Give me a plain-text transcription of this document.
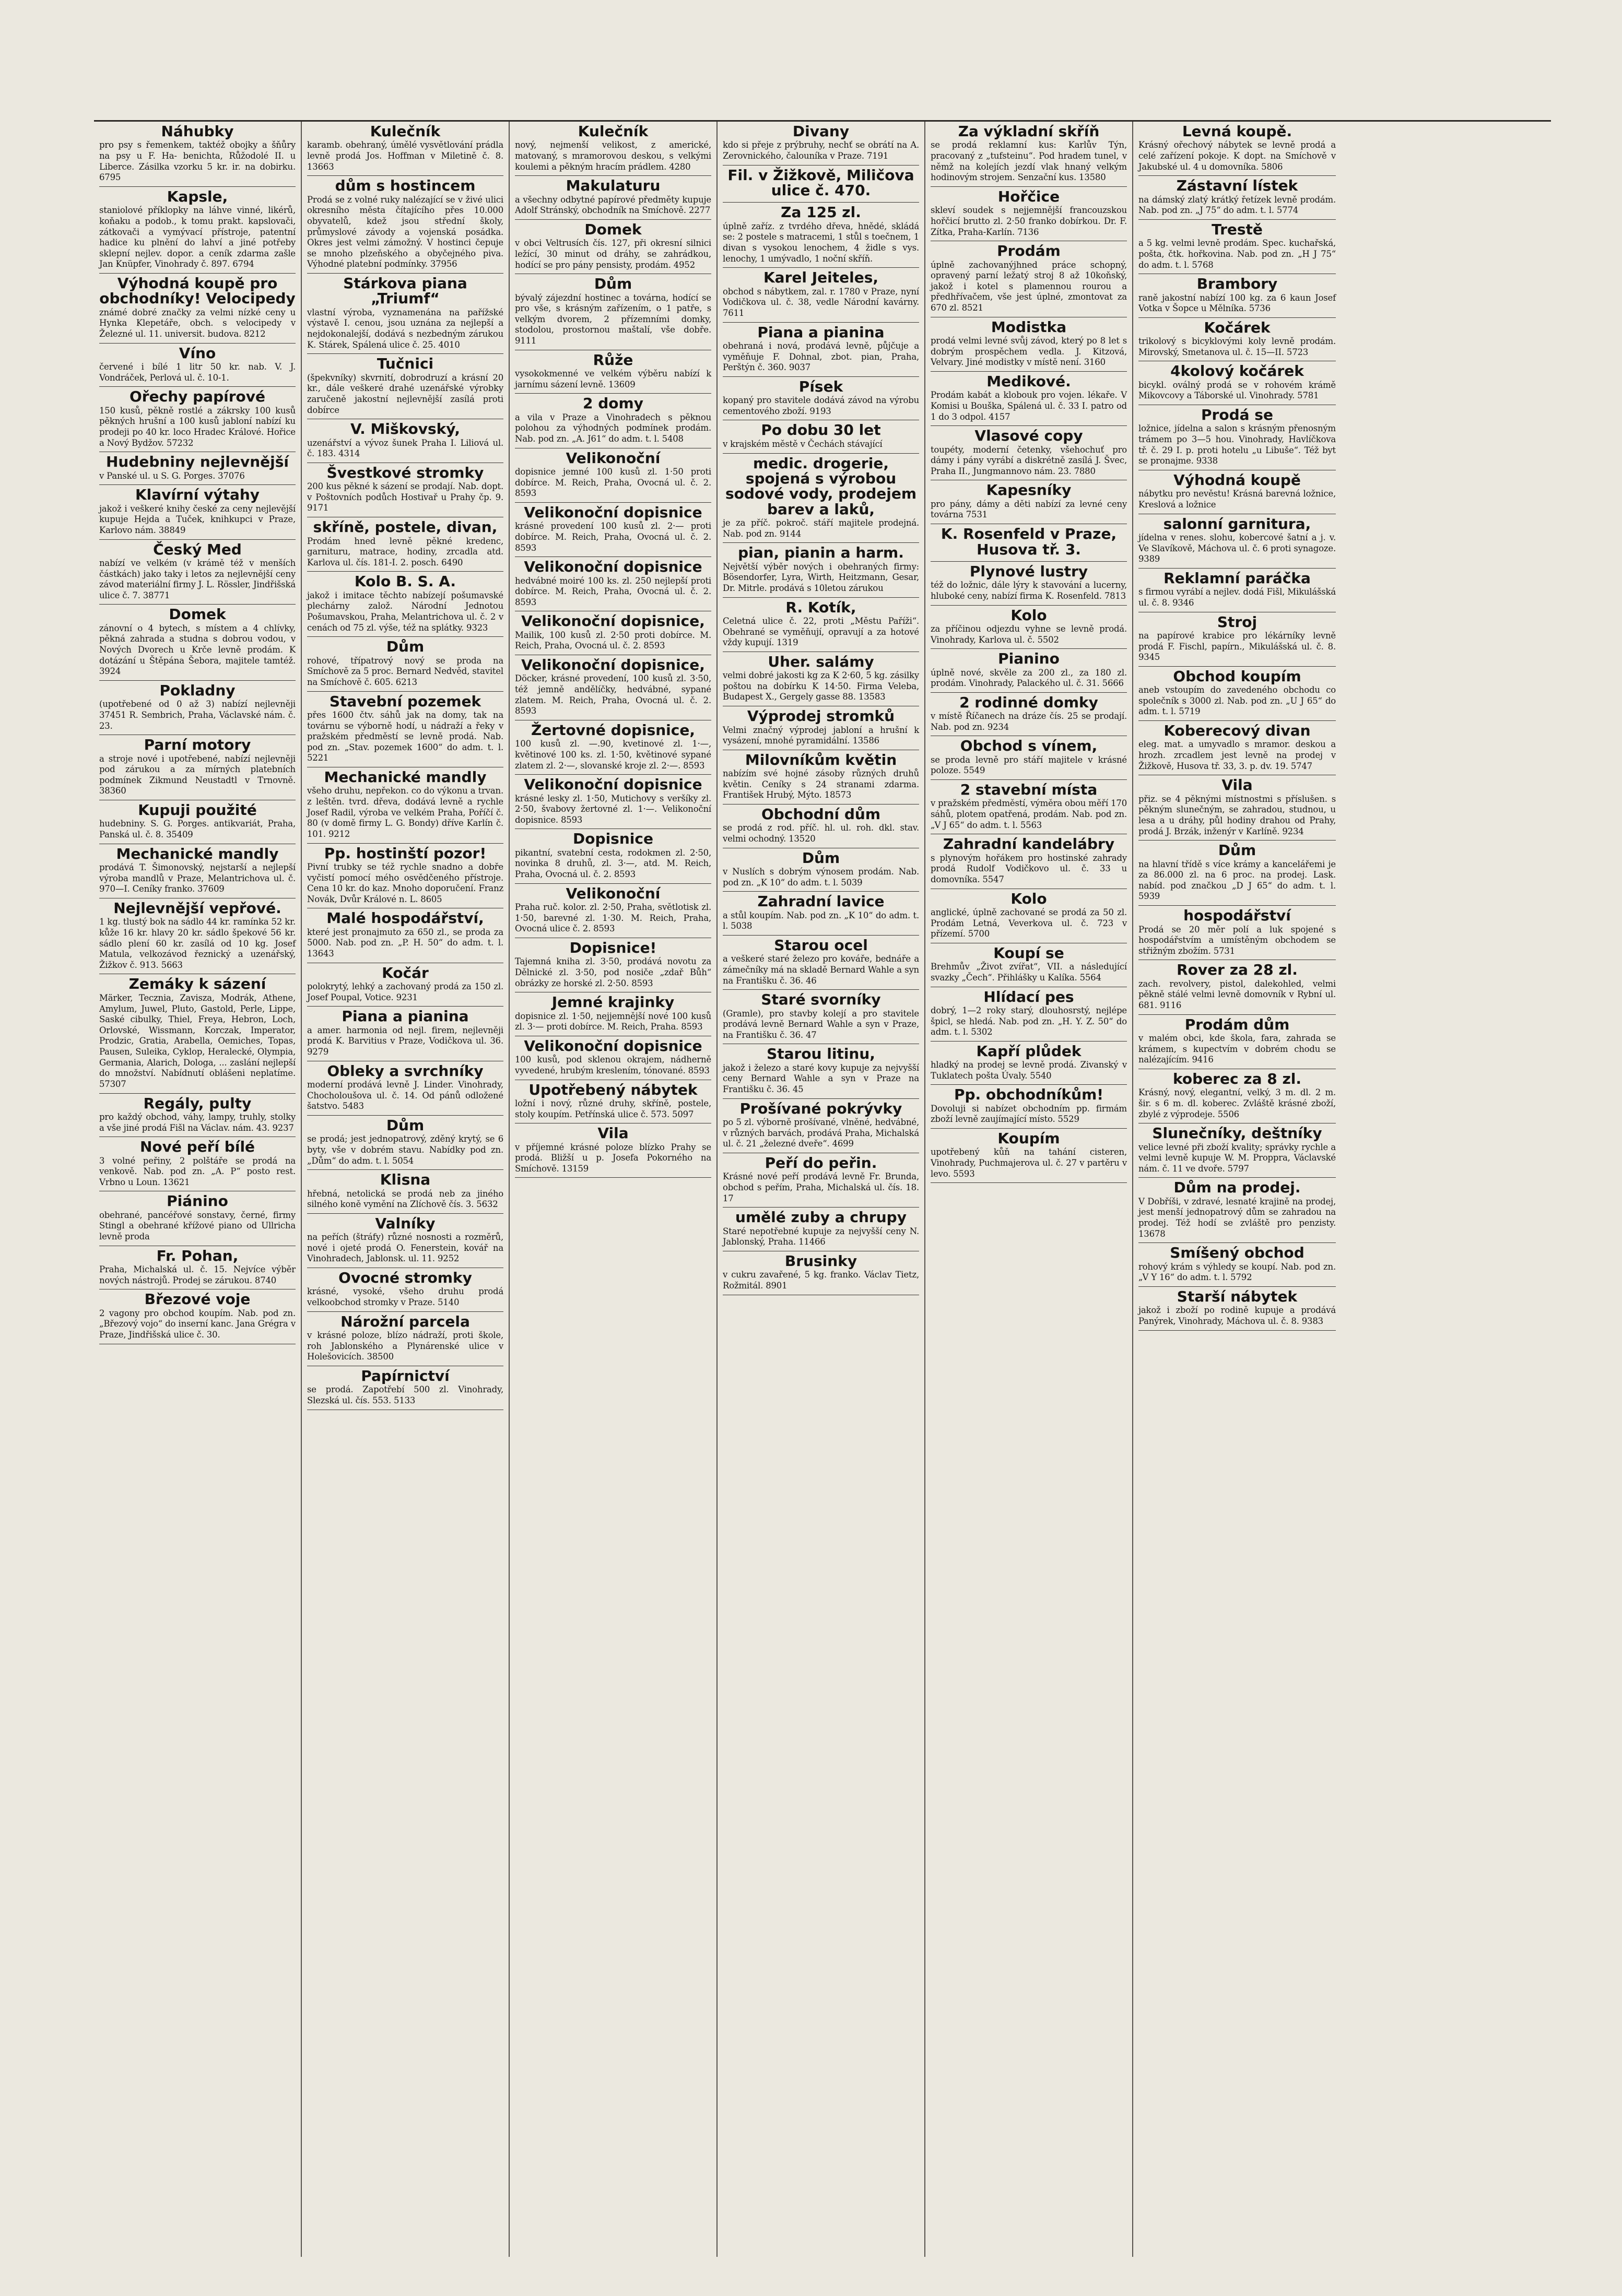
Náhubky

pro psy s řemenkem, taktéž obojky a šňůry na psy u F. Ha- benichta, Růžodolé II. u Liberce. Zásilka vzorku 5 kr. ir. na dobirku. 6795

Kapsle,

staniolové příklopky na láhve vinné, likérů, koňaku a podob., k tomu prakt. kapslovači, zátkovači a vymývací přístroje, patentní hadice ku plnění do lahví a jiné potřeby sklepní nejlev. dopor. a ceník zdarma zašle Jan Knüpfer, Vinohrady č. 897. 6794

Výhodná koupě pro obchodníky! Velocipedy

známé dobré značky za velmi nízké ceny u Hynka Klepetáře, obch. s velocipedy v Železné ul. 11. universit. budova. 8212

Víno

červené i bílé 1 litr 50 kr. nab. V. J. Vondráček, Perlová ul. č. 10-1.

Ořechy papírové

150 kusů, pěkně rostlé a zákrsky 100 kusů pěkných hrušní a 100 kusů jabloní nabízí ku prodeji po 40 kr. loco Hradec Králové. Hořice a Nový Bydžov. 57232

Hudebniny nejlevnější

v Panské ul. u S. G. Porges. 37076

Klavírní výtahy

jakož i veškeré knihy české za ceny nejlevější kupuje Hejda a Tuček, knihkupci v Praze, Karlovo nám. 38849

Český Med

nabízí ve velkém (v krámě též v menších částkách) jako taky i letos za nejlevnější ceny závod materiální firmy J. L. Rössler, Jindřišská ulice č. 7. 38771

Domek

zánovní o 4 bytech, s místem a 4 chlívky, pěkná zahrada a studna s dobrou vodou, v Nových Dvorech u Krče levně prodám. K dotázání u Štěpána Šebora, majitele tamtéž. 3924

Pokladny

(upotřebené od 0 až 3) nabízí nejlevněji 37451 R. Sembrich, Praha, Václavské nám. č. 23.

Parní motory

a stroje nové i upotřebené, nabízí nejlevněji pod zárukou a za mírných platebních podmínek Zikmund Neustadtl v Trnovně. 38360

Kupuji použité

hudebniny. S. G. Porges. antikvariát, Praha, Panská ul. č. 8. 35409

Mechanické mandly

prodává T. Šimonovský, nejstarší a nejlepší výroba mandlů v Praze, Melantrichova ul. č. 970—I. Ceníky franko. 37609

Nejlevnější vepřové.

1 kg. tlustý bok na sádlo 44 kr. ramínka 52 kr. kůže 16 kr. hlavy 20 kr. sádlo špekové 56 kr. sádlo plení 60 kr. zasílá od 10 kg. Josef Matula, velkozávod řeznický a uzenářský, Žižkov č. 913. 5663

Zemáky k sázení

Märker, Tecznia, Zavisza, Modrák, Athene, Amylum, Juwel, Pluto, Gastold, Perle, Lippe, Saské cibulky, Thiel, Freya, Hebron, Loch, Orlovské, Wissmann, Korczak, Imperator, Prodzic, Gratia, Arabella, Oemiches, Topas, Pausen, Suleika, Cyklop, Heralecké, Olympia, Germania, Alarich, Dologa, ... zaslání nejlepší do množství. Nabídnutí oblášeni neplatíme. 57307

Regály, pulty

pro každý obchod, váhy, lampy, truhly, stolky a vše jiné prodá Fišl na Václav. nám. 43. 9237

Nové peří bílé

3 volné peřiny, 2 polštáře se prodá na venkově. Nab. pod zn. „A. P“ posto rest. Vrbno u Loun. 13621

Piánino

obehrané, pancéřové sonstavy, černé, firmy Stingl a obehrané křížové piano od Ullricha levně proda

Fr. Pohan,

Praha, Michalská ul. č. 15. Nejvíce výběr nových nástrojů. Prodej se zárukou. 8740

Březové voje

2 vagony pro obchod koupím. Nab. pod zn. „Březový vojo“ do inserní kanc. Jana Grégra v Praze, Jindřišská ulice č. 30.

Kulečník

karamb. obehraný, úmělé vysvětlování prádla levně prodá Jos. Hoffman v Miletině č. 8. 13663

dům s hostincem

Prodá se z volné ruky nalézající se v živé ulici okresního města čítajícího přes 10.000 obyvatelů, kdež jsou střední školy, průmyslové závody a vojenská posádka. Okres jest velmi zámožný. V hostinci čepuje se mnoho plzeňského a obyčejného piva. Výhodné platební podmínky. 37956

Stárkova piana „Triumf“

vlastní výroba, vyznamenána na pařížské výstavě I. cenou, jsou uznána za nejlepší a nejdokonalejší, dodává s nezbedným zárukou K. Stárek, Spálená ulice č. 25. 4010

Tučnici

(špekvníky) skvrnití, dobrodruzí a krásní 20 kr., dále veškeré drahé uzenářské výrobky zaručeně jakostní nejlevnější zasílá proti dobírce

V. Miškovský,

uzenářství a vývoz šunek Praha I. Liliová ul. č. 183. 4314

Švestkové stromky

200 kus pěkné k sázení se prodají. Nab. dopt. v Poštovních podůch Hostivař u Prahy čp. 9. 9171

skříně, postele, divan,

Prodám hned levně pěkné kredenc, garnituru, matrace, hodiny, zrcadla atd. Karlova ul. čís. 181-I. 2. posch. 6490

Kolo B. S. A.

jakož i imitace těchto nabízejí pošumavské plechárny založ. Národní Jednotou Pošumavskou, Praha, Melantrichova ul. č. 2 v cenách od 75 zl. výše, též na splátky. 9323

Dům

rohové, třípatrový nový se proda na Smíchově za 5 proc. Bernard Nedvěd, stavitel na Smíchově č. 605. 6213

Stavební pozemek

přes 1600 čtv. sáhů jak na domy, tak na továrnu se výborně hodí, u nádraží a řeky v pražském předměstí se levně prodá. Nab. pod zn. „Stav. pozemek 1600“ do adm. t. l. 5221

Mechanické mandly

všeho druhu, nepřekon. co do výkonu a trvan. z leštěn. tvrd. dřeva, dodává levně a rychle Josef Radil, výroba ve velkém Praha, Poříčí č. 80 (v domě firmy L. G. Bondy) dříve Karlín č. 101. 9212

Pp. hostinští pozor!

Pivní trubky se též rychle snadno a dobře vyčistí pomocí mého osvědčeného přístroje. Cena 10 kr. do kaz. Mnoho doporučení. Franz Novák, Dvůr Králové n. L. 8605

Malé hospodářství,

které jest pronajmuto za 650 zl., se proda za 5000. Nab. pod zn. „P. H. 50“ do adm. t. l. 13643

Kočár

polokrytý, lehký a zachovaný prodá za 150 zl. Josef Poupal, Votice. 9231

Piana a pianina

a amer. harmonia od nejl. firem, nejlevněji prodá K. Barvitius v Praze, Vodičkova ul. 36. 9279

Obleky a svrchníky

moderní prodává levně J. Linder. Vinohrady, Chocholoušova ul. č. 14. Od pánů odložené šatstvo. 5483

Dům

se prodá; jest jednopatrový, zděný krytý, se 6 byty, vše v dobrém stavu. Nabídky pod zn. „Dům“ do adm. t. l. 5054

Klisna

hřebná, netolická se prodá neb za jiného silného koně vymění na Zlíchově čís. 3. 5632

Valníky

na peřích (štráfy) různé nosnosti a rozměrů, nové i ojeté prodá O. Fenerstein, kovář na Vinohradech, Jablonsk. ul. 11. 9252

Ovocné stromky

krásné, vysoké, všeho druhu prodá velkoobchod stromky v Praze. 5140

Nárožní parcela

v krásné poloze, blízo nádraží, proti škole, roh Jablonského a Plynárenské ulice v Holešovicích. 38500

Papírnictví

se prodá. Zapotřebí 500 zl. Vinohrady, Slezská ul. čís. 553. 5133

Kulečník

nový, nejmenší velikost, z americké, matovaný, s mramorovou deskou, s velkými koulemi a pěkným hracím prádlem. 4280

Makulaturu

a všechny odbytné papírové předměty kupuje Adolf Stránský, obchodník na Smíchově. 2277

Domek

v obci Veltrusích čís. 127, při okresní silnici ležící, 30 minut od dráhy, se zahrádkou, hodící se pro pány pensisty, prodám. 4952

Dům

bývalý zájezdní hostinec a továrna, hodící se pro vše, s krásným zařízením, o 1 patře, s velkým dvorem, 2 přízemními domky, stodolou, prostornou maštalí, vše dobře. 9111

Růže

vysokokmenné ve velkém výběru nabízí k jarnímu sázení levně. 13609

2 domy

a vila v Praze a Vinohradech s pěknou polohou za výhodných podmínek prodám. Nab. pod zn. „A. J61“ do adm. t. l. 5408

Velikonoční

dopisnice jemné 100 kusů zl. 1·50 proti dobírce. M. Reich, Praha, Ovocná ul. č. 2. 8593

Velikonoční dopisnice

krásné provedení 100 kusů zl. 2·— proti dobírce. M. Reich, Praha, Ovocná ul. č. 2. 8593

Velikonoční dopisnice

hedvábné moiré 100 ks. zl. 250 nejlepší proti dobírce. M. Reich, Praha, Ovocná ul. č. 2. 8593

Velikonoční dopisnice,

Mailik, 100 kusů zl. 2·50 proti dobírce. M. Reich, Praha, Ovocná ul. č. 2. 8593

Velikonoční dopisnice,

Döcker, krásné provedení, 100 kusů zl. 3·50, též jemně andělíčky, hedvábné, sypané zlatem. M. Reich, Praha, Ovocná ul. č. 2. 8593

Žertovné dopisnice,

100 kusů zl. —.90, kvetinové zl. 1·—, květinové 100 ks. zl. 1·50, květinové sypané zlatem zl. 2·—, slovanské kroje zl. 2·—. 8593

Velikonoční dopisnice

krásné lesky zl. 1·50, Mutichovy s veršíky zl. 2·50, švabovy žertovné zl. 1·—. Velikonoční dopisnice. 8593

Dopisnice

pikantní, svatební cesta, rodokmen zl. 2·50, novinka 8 druhů, zl. 3·—, atd. M. Reich, Praha, Ovocná ul. č. 2. 8593

Velikonoční

Praha ruč. kolor. zl. 2·50, Praha, světlotisk zl. 1·50, barevné zl. 1·30. M. Reich, Praha, Ovocná ulice č. 2. 8593

Dopisnice!

Tajemná kniha zl. 3·50, prodává novotu za Dělnické zl. 3·50, pod nosiče „zdař Bůh“ obrázky ze horské zl. 2·50. 8593

Jemné krajinky

dopisnice zl. 1·50, nejjemnější nové 100 kusů zl. 3·— proti dobírce. M. Reich, Praha. 8593

Velikonoční dopisnice

100 kusů, pod sklenou okrajem, nádherně vyvedené, hrubým kreslením, tónované. 8593

Upotřebený nábytek

ložní i nový, různé druhy, skříně, postele, stoly koupím. Petřínská ulice č. 573. 5097

Vila

v příjemné krásné poloze blízko Prahy se prodá. Bližší u p. Josefa Pokorného na Smíchově. 13159

Divany

kdo si přeje z prýbruhy, nechť se obrátí na A. Zerovnického, čalouníka v Praze. 7191

Fil. v Žižkově, Miličova ulice č. 470.
Za 125 zl.

úplně zaříz. z tvrdého dřeva, hnědé, skládá se: 2 postele s matracemi, 1 stůl s toečnem, 1 divan s vysokou lenochem, 4 židle s vys. lenochy, 1 umývadlo, 1 noční skříň.

Karel Jeiteles,

obchod s nábytkem, zal. r. 1780 v Praze, nyní Vodičkova ul. č. 38, vedle Národní kavárny. 7611

Piana a pianina

obehraná i nová, prodává levně, půjčuje a vyměňuje F. Dohnal, zbot. pian, Praha, Perštýn č. 360. 9037

Písek

kopaný pro stavitele dodává závod na výrobu cementového zboží. 9193

Po dobu 30 let

v krajském městě v Čechách stávající

medic. drogerie, spojená s výrobou sodové vody, prodejem barev a laků,

je za příč. pokroč. stáří majitele prodejná. Nab. pod zn. 9144

pian, pianin a harm.

Největší výběr nových i obehraných firmy: Bösendorfer, Lyra, Wirth, Heitzmann, Gesar, Dr. Mitrle. prodává s 10letou zárukou

R. Kotík,

Celetná ulice č. 22, proti „Městu Paříži“. Obehrané se vyměňují, opravují a za hotové vždy kupují. 1319

Uher. salámy

velmi dobré jakosti kg za K 2·60, 5 kg. zásilky poštou na dobírku K 14·50. Firma Veleba, Budapest X., Gergely gasse 88. 13583

Výprodej stromků

Velmi značný výprodej jabloní a hrušní k vysázení, mnohé pyramidální. 13586

Milovníkům květin

nabízím své hojné zásoby různých druhů květin. Ceníky s 24 stranami zdarma. František Hrubý, Mýto. 18573

Obchodní dům

se prodá z rod. příč. hl. ul. roh. dkl. stav. velmi ochodný. 13520

Dům

v Nuslích s dobrým výnosem prodám. Nab. pod zn. „K 10“ do adm. t. l. 5039

Zahradní lavice

a stůl koupím. Nab. pod zn. „K 10“ do adm. t. l. 5038

Starou ocel

a veškeré staré železo pro kováře, bednáře a zámečníky má na skladě Bernard Wahle a syn na Františku č. 36. 46

Staré svorníky

(Gramle), pro stavby kolejí a pro stavitele prodává levně Bernard Wahle a syn v Praze, na Františku č. 36. 47

Starou litinu,

jakož i železo a staré kovy kupuje za nejvyšší ceny Bernard Wahle a syn v Praze na Františku č. 36. 45

Prošívané pokrývky

po 5 zl. výborně prošívané, vlněné, hedvábné, v různých barvách, prodává Praha, Michalská ul. č. 21 „železné dveře“. 4699

Peří do peřin.

Krásné nové peří prodává levně Fr. Brunda, obchod s peřím, Praha, Michalská ul. čís. 18. 17

umělé zuby a chrupy

Staré nepotřebné kupuje za nejvyšší ceny N. Jablonský, Praha. 11466

Brusinky

v cukru zavařené, 5 kg. franko. Václav Tietz, Rožmitál. 8901

Za výkladní skříň

se prodá reklamní kus: Karlův Týn, pracovaný z „tufsteinu“. Pod hradem tunel, v němž na kolejích jezdí vlak hnaný velkým hodinovým strojem. Senzační kus. 13580

Hořčice

skleví soudek s nejjemnější francouzskou hořčicí brutto zl. 2·50 franko dobírkou. Dr. F. Zítka, Praha-Karlín. 7136

Prodám

úplně zachovanýjhned práce schopný, opravený parní ležatý stroj 8 až 10koňský, jakož i kotel s plamennou rourou a předhřívačem, vše jest úplné, zmontovat za 670 zl. 8521

Modistka

prodá velmi levné svůj závod, který po 8 let s dobrým prospěchem vedla. J. Kitzová, Velvary. Jiné modistky v místě není. 3160

Medikové.

Prodám kabát a klobouk pro vojen. lékaře. V Komisi u Bouška, Spálená ul. č. 33 I. patro od 1 do 3 odpol. 4157

Vlasové copy

toupéty, moderní četenky, všehochuť pro dámy i pány vyrábí a diskrétně zasílá J. Švec, Praha II., Jungmannovo nám. 23. 7880

Kapesníky

pro pány, dámy a děti nabízí za levné ceny továrna 7531

K. Rosenfeld v Praze, Husova tř. 3.
Plynové lustry

též do ložnic, dále lýry k stavování a lucerny, hluboké ceny, nabízí firma K. Rosenfeld. 7813

Kolo

za příčinou odjezdu vyhne se levně prodá. Vinohrady, Karlova ul. č. 5502

Pianino

úplně nové, skvěle za 200 zl., za 180 zl. prodám. Vinohrady, Palackého ul. č. 31. 5666

2 rodinné domky

v místě Říčanech na dráze čís. 25 se prodají. Nab. pod zn. 9234

Obchod s vínem,

se proda levně pro stáří majitele v krásné poloze. 5549

2 stavební místa

v pražském předměstí, výměra obou měří 170 sáhů, plotem opatřená, prodám. Nab. pod zn. „V J 65“ do adm. t. l. 5563

Zahradní kandelábry

s plynovým hořákem pro hostinské zahrady prodá Rudolf Vodičkovo ul. č. 33 u domovníka. 5547

Kolo

anglické, úplně zachované se prodá za 50 zl. Prodám Letná, Veverkova ul. č. 723 v přízemí. 5700

Koupí se

Brehmův „Život zvířat“, VII. a následující svazky „Čech“. Přihlášky u Kalíka. 5564

Hlídací pes

dobrý, 1—2 roky starý, dlouhosrstý, nejlépe špicl, se hledá. Nab. pod zn. „H. Y. Z. 50“ do adm. t. l. 5302

Kapří plůdek

hladký na prodej se levně prodá. Zivanský v Tuklatech pošta Úvaly. 5540

Pp. obchodníkům!

Dovoluji si nabízet obchodním pp. firmám zboží levně zaujímající místo. 5529

Koupím

upotřebený kůň na tahání cisteren, Vinohrady, Puchmajerova ul. č. 27 v partěru v levo. 5593

Levná koupě.

Krásný ořechový nábytek se levně prodá a celé zařízení pokoje. K dopt. na Smíchově v Jakubské ul. 4 u domovníka. 5806

Zástavní lístek

na dámský zlatý krátký řetízek levně prodám. Nab. pod zn. „J 75“ do adm. t. l. 5774

Trestě

a 5 kg. velmi levně prodám. Spec. kuchařská, pošta, čtk. hořkovina. Nab. pod zn. „H J 75“ do adm. t. l. 5768

Brambory

raně jakostní nabízí 100 kg. za 6 kaun Josef Votka v Šopce u Mělníka. 5736

Kočárek

trikolový s bicyklovými koly levně prodám. Mirovský, Smetanova ul. č. 15—II. 5723

4kolový kočárek

bicykl. oválný prodá se v rohovém krámě Mikovcovy a Táborské ul. Vinohrady. 5781

Prodá se

ložnice, jídelna a salon s krásným přenosným trámem po 3—5 hou. Vinohrady, Havlíčkova tř. č. 29 I. p. proti hotelu „u Libuše“. Též byt se pronajme. 9338

Výhodná koupě

nábytku pro nevěstu! Krásná barevná ložnice, Kreslová a ložnice

salonní garnitura,

jídelna v renes. slohu, kobercové šatní a j. v. Ve Slavíkově, Máchova ul. č. 6 proti synagoze. 9389

Reklamní paráčka

s firmou vyrábí a nejlev. dodá Fišl, Mikulášská ul. č. 8. 9346

Stroj

na papírové krabice pro lékárníky levně prodá F. Fischl, papírn., Mikulášská ul. č. 8. 9345

Obchod koupím

aneb vstoupím do zavedeného obchodu co společník s 3000 zl. Nab. pod zn. „U J 65“ do adm. t. l. 5719

Koberecový divan

eleg. mat. a umyvadlo s mramor. deskou a hrozh. zrcadlem jest levně na prodej v Žižkově, Husova tř. 33, 3. p. dv. 19. 5747

Vila

přiz. se 4 pěknými místnostmi s příslušen. s pěkným slunečným, se zahradou, studnou, u lesa a u dráhy, půl hodiny drahou od Prahy, prodá J. Brzák, inženýr v Karlíně. 9234

Dům

na hlavní třídě s více krámy a kancelářemi je za 86.000 zl. na 6 proc. na prodej. Lask. nabíd. pod značkou „D J 65“ do adm. t. l. 5939

hospodářství

Prodá se 20 měr polí a luk spojené s hospodářstvím a umístěným obchodem se střižným zbožím. 5731

Rover za 28 zl.

zach. revolvery, pistol, dalekohled, velmi pěkně stálé velmi levně domovník v Rybní ul. 681. 9116

Prodám dům

v malém obci, kde škola, fara, zahrada se krámem, s kupectvím v dobrém chodu se nalézajícím. 9416

kobereс za 8 zl.

Krásný, nový, elegantní, velký, 3 m. dl. 2 m. šir. s 6 m. dl. koberec. Zvláště krásné zboží, zbylé z výprodeje. 5506

Slunečníky, deštníky

velice levné při zboží kvality; správky rychle a velmi levně kupuje W. M. Proppra, Václavské nám. č. 11 ve dvoře. 5797

Dům na prodej.

V Dobříši, v zdravé, lesnaté krajině na prodej, jest menší jednopatrový dům se zahradou na prodej. Též hodí se zvláště pro penzisty. 13678

Smíšený obchod

rohový krám s výhledy se koupí. Nab. pod zn. „V Y 16“ do adm. t. l. 5792

Starší nábytek

jakož i zboží po rodině kupuje a prodává Panýrek, Vinohrady, Máchova ul. č. 8. 9383
